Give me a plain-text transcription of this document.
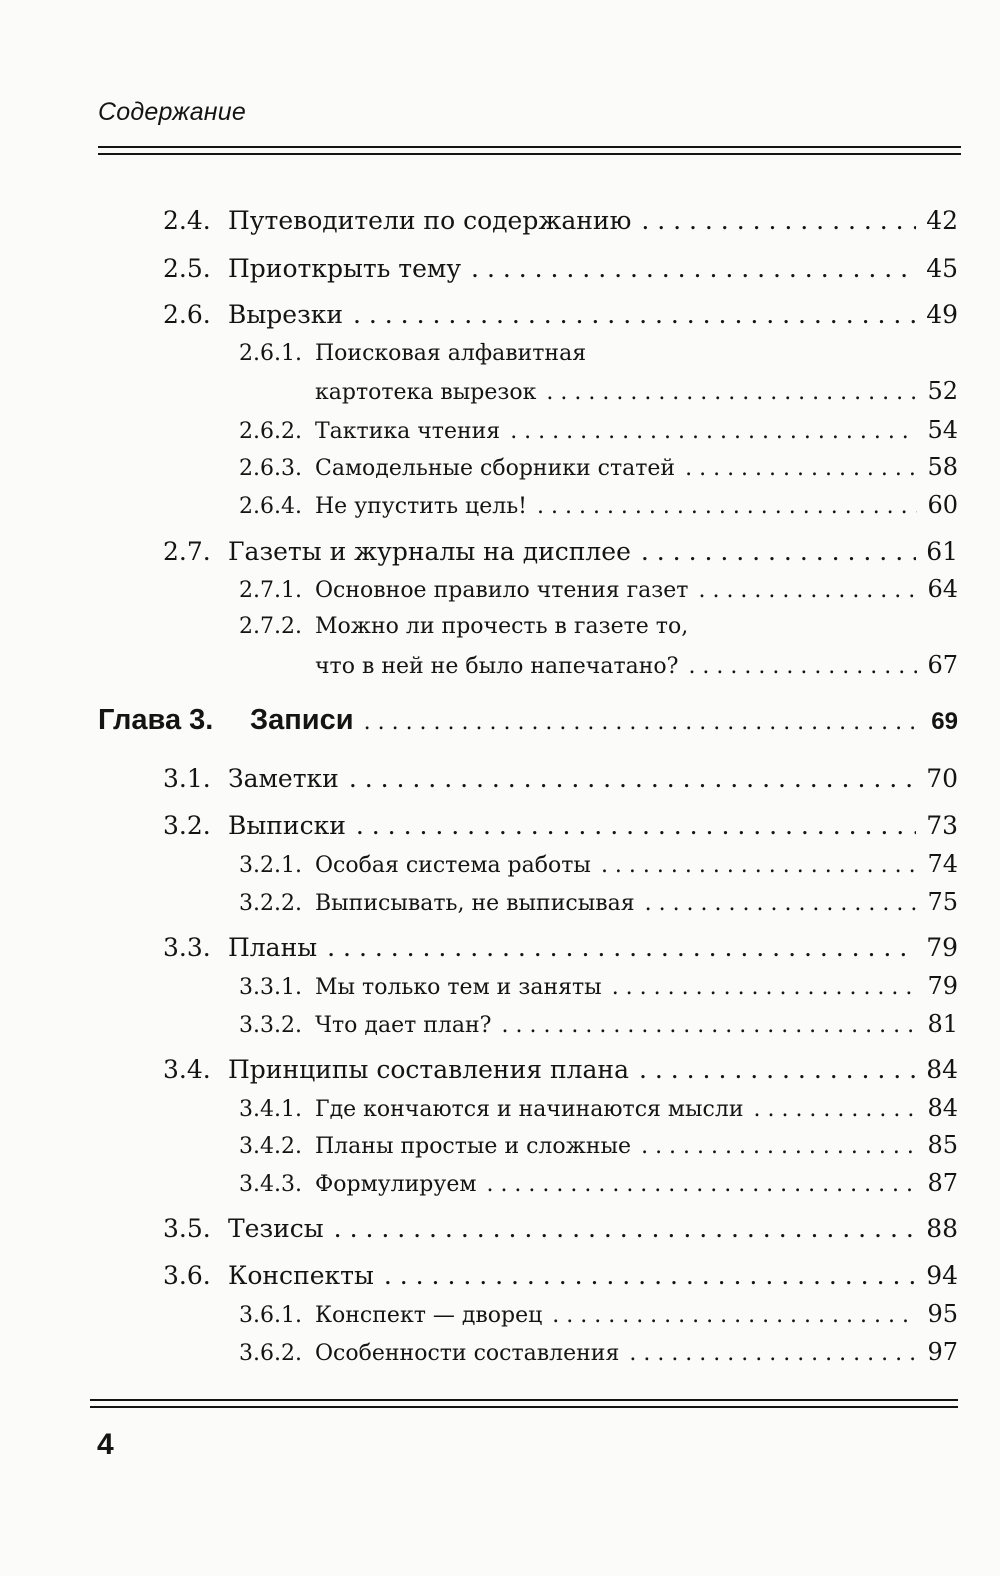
Содержание
2.4. Путеводители по содержанию . . .	42
2.5. Приоткрыть тему . . .	45
2.6. Вырезки . . .	49
2.6.1. Поисковая алфавитная
картотека вырезок . . .	52
2.6.2. Тактика чтения . . .	54
2.6.3. Самодельные сборники статей . . .	58
2.6.4. Не упустить цель! . . .	60
2.7. Газеты и журналы на дисплее . . .	61
2.7.1. Основное правило чтения газет . . .	64
2.7.2. Можно ли прочесть в газете то,
что в ней не было напечатано? . . .	67
Глава 3.	Записи . . .	69
3.1. Заметки . . .	70
3.2. Выписки . . .	73
3.2.1. Особая система работы . . .	74
3.2.2. Выписывать, не выписывая . . .	75
3.3. Планы . . .	79
3.3.1. Мы только тем и заняты . . .	79
3.3.2. Что дает план? . . .	81
3.4. Принципы составления плана . . .	84
3.4.1. Где кончаются и начинаются мысли . . .	84
3.4.2. Планы простые и сложные . . .	85
3.4.3. Формулируем . . .	87
3.5. Тезисы . . .	88
3.6. Конспекты . . .	94
3.6.1. Конспект — дворец . . .	95
3.6.2. Особенности составления . . .	97
4
